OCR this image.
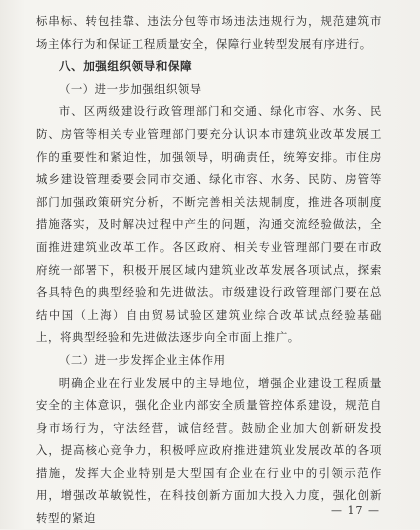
标串标、转包挂靠、违法分包等市场违法违规行为，规范建筑市场主体行为和保证工程质量安全，保障行业转型发展有序进行。

八、加强组织领导和保障

（一）进一步加强组织领导

市、区两级建设行政管理部门和交通、绿化市容、水务、民防、房管等相关专业管理部门要充分认识本市建筑业改革发展工作的重要性和紧迫性，加强领导，明确责任，统筹安排。市住房城乡建设管理委要会同市交通、绿化市容、水务、民防、房管等部门加强政策研究分析，不断完善相关法规制度，推进各项制度措施落实，及时解决过程中产生的问题，沟通交流经验做法，全面推进建筑业改革工作。各区政府、相关专业管理部门要在市政府统一部署下，积极开展区域内建筑业改革发展各项试点，探索各具特色的典型经验和先进做法。市级建设行政管理部门要在总结中国（上海）自由贸易试验区建筑业综合改革试点经验基础上，将典型经验和先进做法逐步向全市面上推广。

（二）进一步发挥企业主体作用

明确企业在行业发展中的主导地位，增强企业建设工程质量安全的主体意识，强化企业内部安全质量管控体系建设，规范自身市场行为，守法经营，诚信经营。鼓励企业加大创新研发投入，提高核心竞争力，积极呼应政府推进建筑业发展改革的各项措施，发挥大企业特别是大型国有企业在行业中的引领示范作用，增强改革敏锐性，在科技创新方面加大投入力度，强化创新转型的紧迫

— 17 —
